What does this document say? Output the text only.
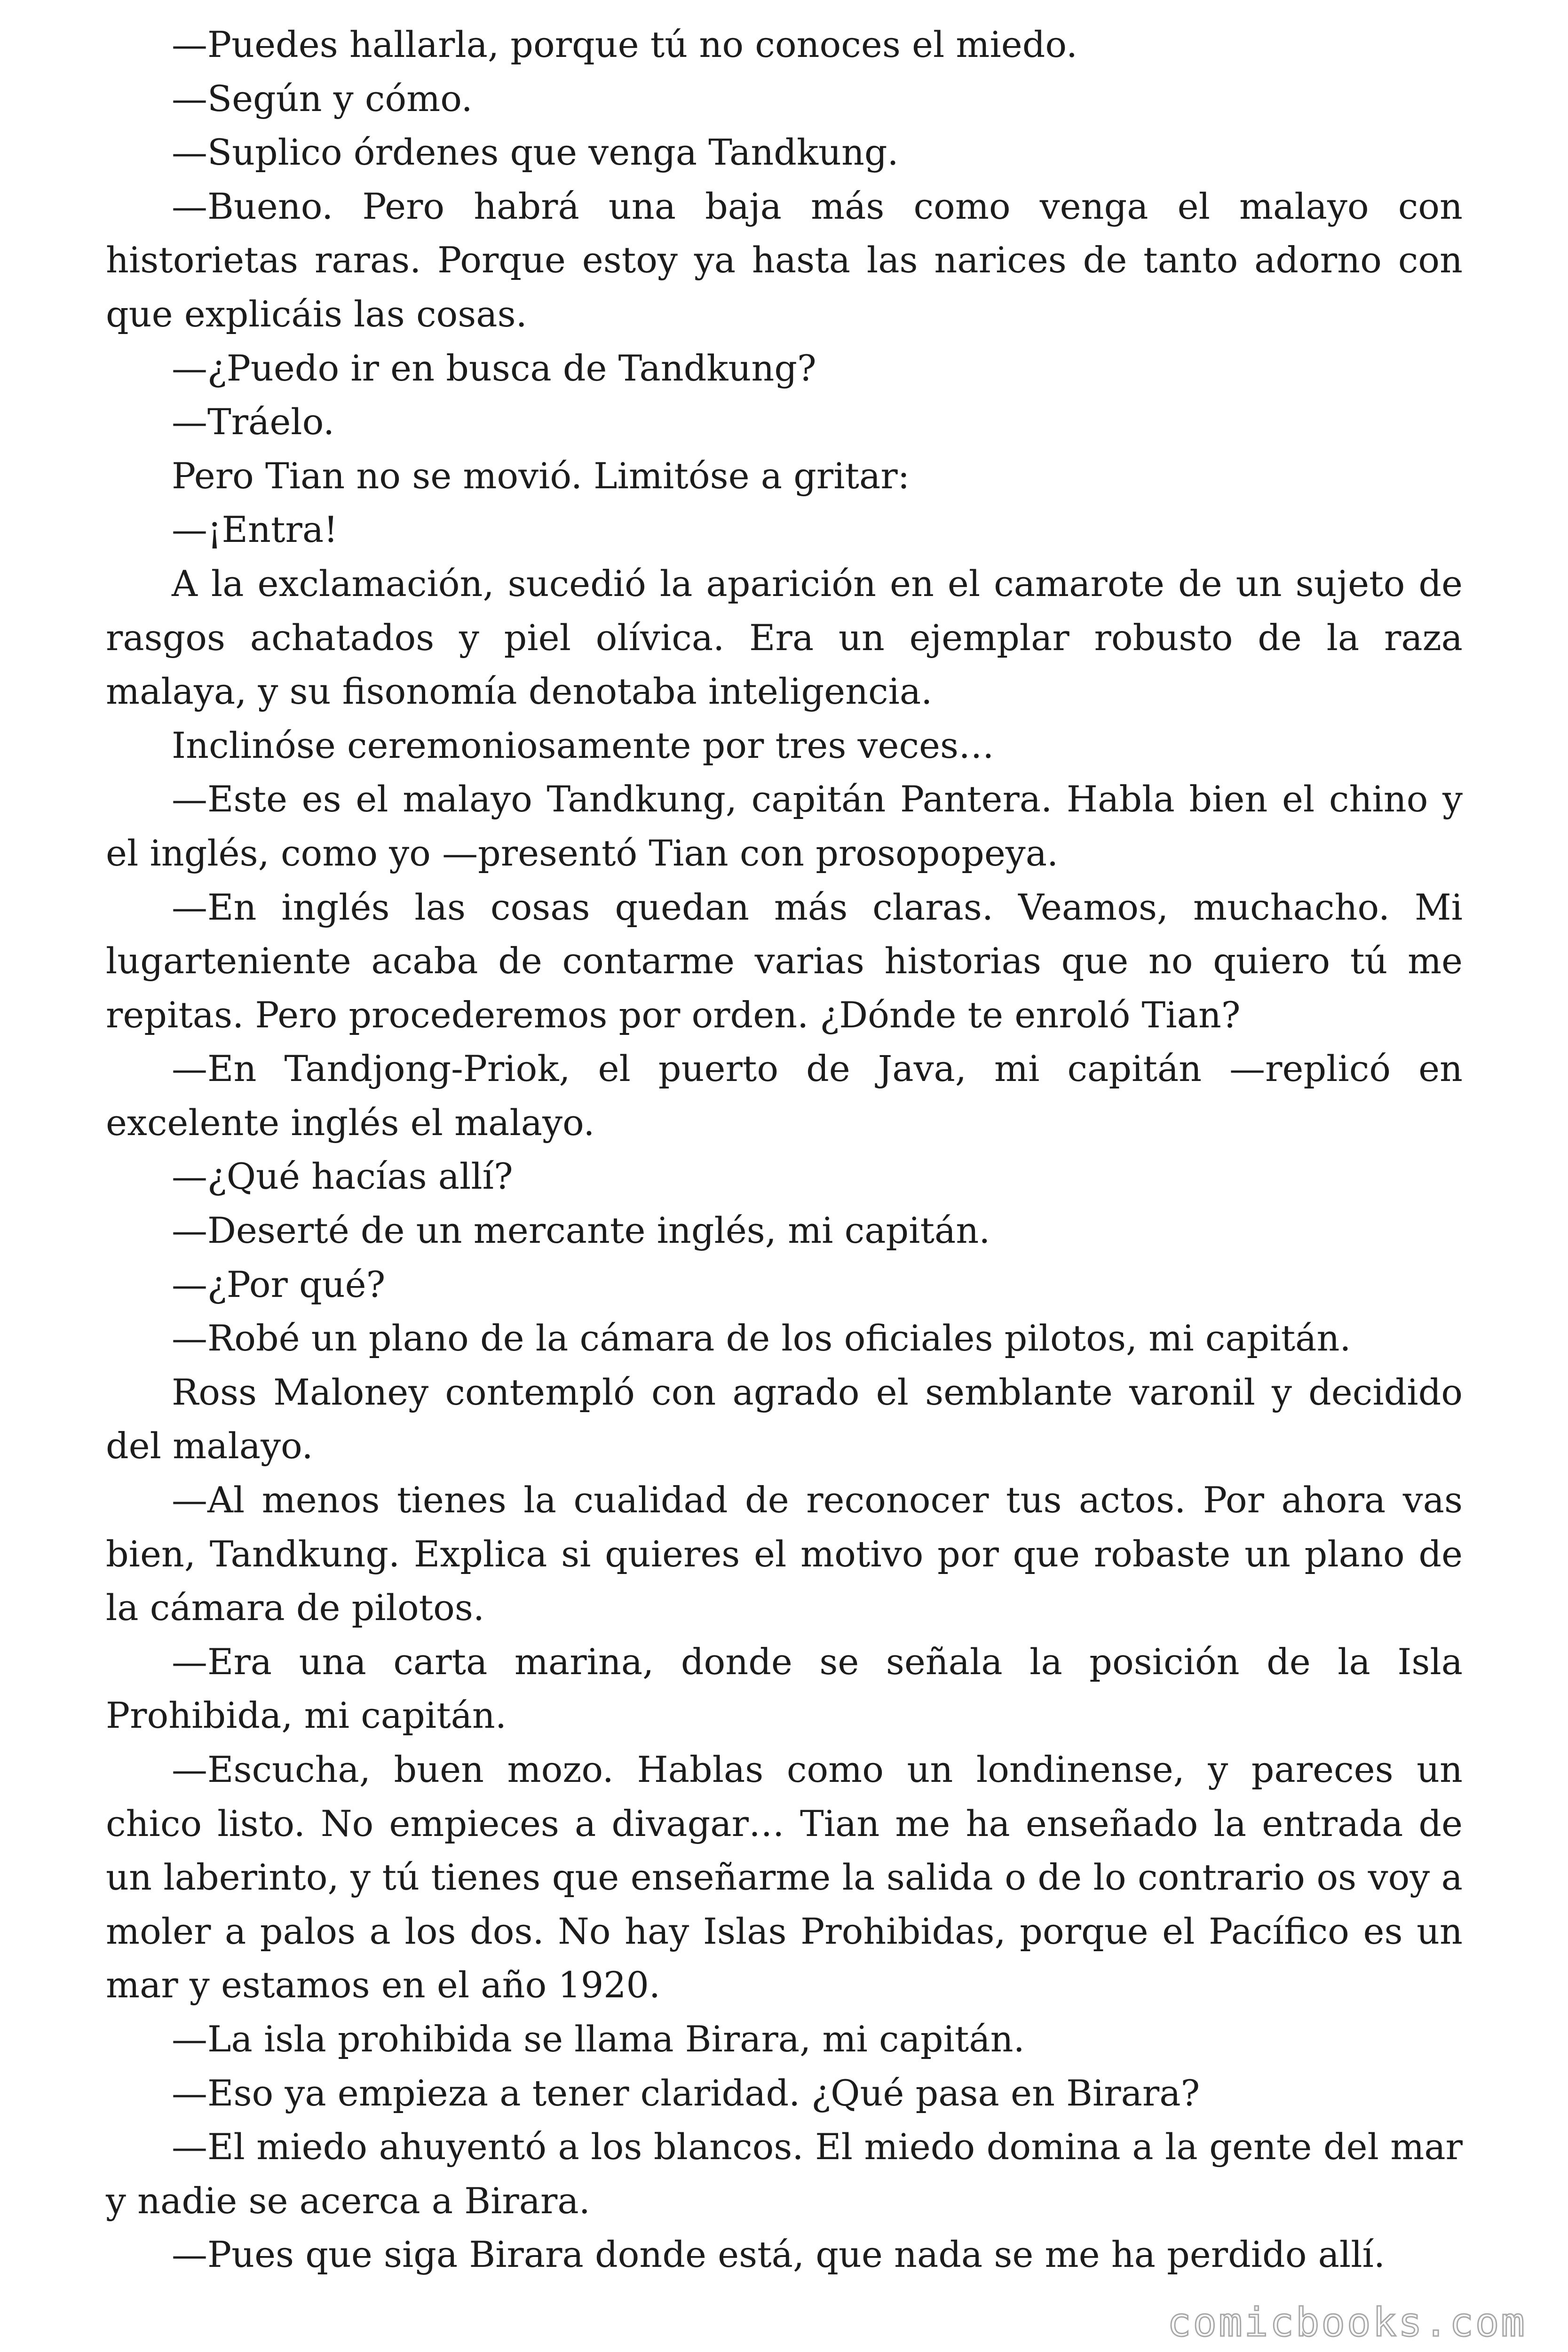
—Puedes hallarla, porque tú no conoces el miedo.

—Según y cómo.

—Suplico órdenes que venga Tandkung.

—Bueno. Pero habrá una baja más como venga el malayo con historietas raras. Porque estoy ya hasta las narices de tanto adorno con que explicáis las cosas.

—¿Puedo ir en busca de Tandkung?

—Tráelo.

Pero Tian no se movió. Limitóse a gritar:

—¡Entra!

A la exclamación, sucedió la aparición en el camarote de un sujeto de rasgos achatados y piel olívica. Era un ejemplar robusto de la raza malaya, y su fisonomía denotaba inteligencia.

Inclinóse ceremoniosamente por tres veces…

—Este es el malayo Tandkung, capitán Pantera. Habla bien el chino y el inglés, como yo —presentó Tian con prosopopeya.

—En inglés las cosas quedan más claras. Veamos, muchacho. Mi lugarteniente acaba de contarme varias historias que no quiero tú me repitas. Pero procederemos por orden. ¿Dónde te enroló Tian?

—En Tandjong-Priok, el puerto de Java, mi capitán —replicó en excelente inglés el malayo.

—¿Qué hacías allí?

—Deserté de un mercante inglés, mi capitán.

—¿Por qué?

—Robé un plano de la cámara de los oficiales pilotos, mi capitán.

Ross Maloney contempló con agrado el semblante varonil y decidido del malayo.

—Al menos tienes la cualidad de reconocer tus actos. Por ahora vas bien, Tandkung. Explica si quieres el motivo por que robaste un plano de la cámara de pilotos.

—Era una carta marina, donde se señala la posición de la Isla Prohibida, mi capitán.

—Escucha, buen mozo. Hablas como un londinense, y pareces un chico listo. No empieces a divagar… Tian me ha enseñado la entrada de un laberinto, y tú tienes que enseñarme la salida o de lo contrario os voy a moler a palos a los dos. No hay Islas Prohibidas, porque el Pacífico es un mar y estamos en el año 1920.

—La isla prohibida se llama Birara, mi capitán.

—Eso ya empieza a tener claridad. ¿Qué pasa en Birara?

—El miedo ahuyentó a los blancos. El miedo domina a la gente del mar y nadie se acerca a Birara.

—Pues que siga Birara donde está, que nada se me ha perdido allí.

comicbooks.com
